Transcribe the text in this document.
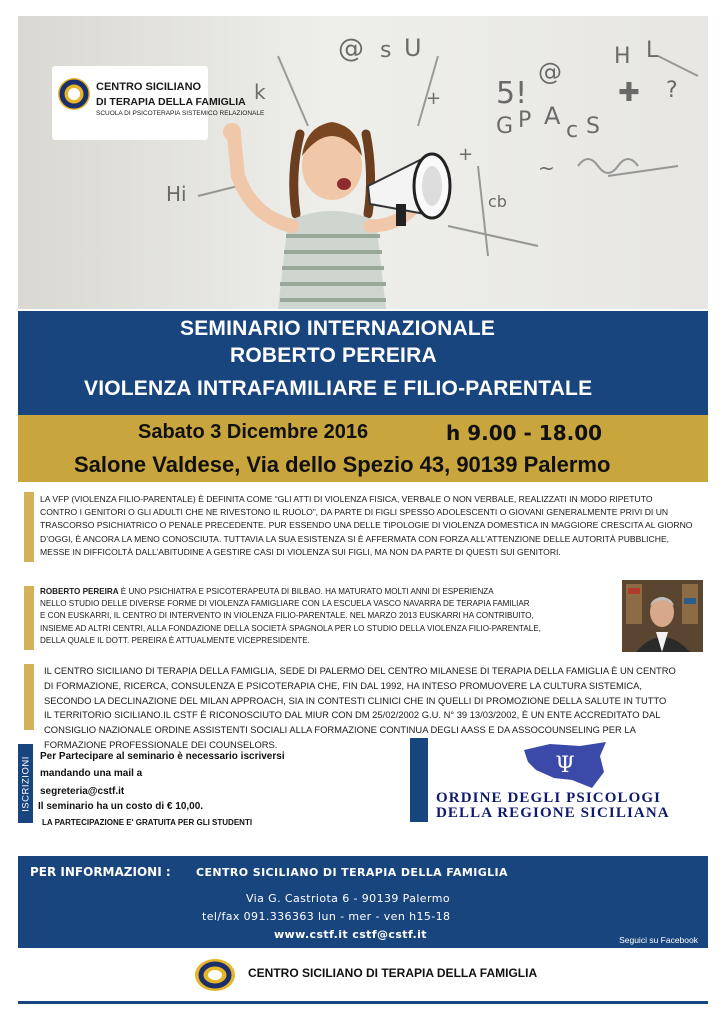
@ s U
5!
@
H L
✚ ?
G P A
c S
k
Hi
+
+
~
cb
CENTRO SICILIANO
DI TERAPIA DELLA FAMIGLIA
SCUOLA DI PSICOTERAPIA SISTEMICO RELAZIONALE
SEMINARIO INTERNAZIONALE
ROBERTO PEREIRA
VIOLENZA INTRAFAMILIARE E FILIO-PARENTALE
Sabato 3 Dicembre 2016	h 9.00 - 18.00
Salone Valdese, Via dello Spezio 43, 90139 Palermo
LA VFP (VIOLENZA FILIO-PARENTALE) È DEFINITA COME “GLI ATTI DI VIOLENZA FISICA, VERBALE O NON VERBALE, REALIZZATI IN MODO RIPETUTO
CONTRO I GENITORI O GLI ADULTI CHE NE RIVESTONO IL RUOLO”, DA PARTE DI FIGLI SPESSO ADOLESCENTI O GIOVANI GENERALMENTE PRIVI DI UN
TRASCORSO PSICHIATRICO O PENALE PRECEDENTE. PUR ESSENDO UNA DELLE TIPOLOGIE DI VIOLENZA DOMESTICA IN MAGGIORE CRESCITA AL GIORNO
D’OGGI, È ANCORA LA MENO CONOSCIUTA. TUTTAVIA LA SUA ESISTENZA SI È AFFERMATA CON FORZA ALL’ATTENZIONE DELLE AUTORITÀ PUBBLICHE,
MESSE IN DIFFICOLTÀ DALL’ABITUDINE A GESTIRE CASI DI VIOLENZA SUI FIGLI, MA NON DA PARTE DI QUESTI SUI GENITORI.
ROBERTO PEREIRA È UNO PSICHIATRA E PSICOTERAPEUTA DI BILBAO. HA MATURATO MOLTI ANNI DI ESPERIENZA
NELLO STUDIO DELLE DIVERSE FORME DI VIOLENZA FAMIGLIARE CON LA ESCUELA VASCO NAVARRA DE TERAPIA FAMILIAR
E CON EUSKARRI, IL CENTRO DI INTERVENTO IN VIOLENZA FILIO-PARENTALE. NEL MARZO 2013 EUSKARRI HA CONTRIBUITO,
INSIEME AD ALTRI CENTRI, ALLA FONDAZIONE DELLA SOCIETÀ SPAGNOLA PER LO STUDIO DELLA VIOLENZA FILIO-PARENTALE,
DELLA QUALE IL DOTT. PEREIRA È ATTUALMENTE VICEPRESIDENTE.
IL CENTRO SICILIANO DI TERAPIA DELLA FAMIGLIA, SEDE DI PALERMO DEL CENTRO MILANESE DI TERAPIA DELLA FAMIGLIA È UN CENTRO
DI FORMAZIONE, RICERCA, CONSULENZA E PSICOTERAPIA CHE, FIN DAL 1992, HA INTESO PROMUOVERE LA CULTURA SISTEMICA,
SECONDO LA DECLINAZIONE DEL MILAN APPROACH, SIA IN CONTESTI CLINICI CHE IN QUELLI DI PROMOZIONE DELLA SALUTE IN TUTTO
IL TERRITORIO SICILIANO.IL CSTF È RICONOSCIUTO DAL MIUR CON DM 25/02/2002 G.U. N° 39 13/03/2002, È UN ENTE ACCREDITATO DAL
CONSIGLIO NAZIONALE ORDINE ASSISTENTI SOCIALI ALLA FORMAZIONE CONTINUA DEGLI AASS E DA ASSOCOUNSELING PER LA
FORMAZIONE PROFESSIONALE DEI COUNSELORS.
ISCRIZIONI Per Partecipare al seminario è necessario iscriversi
mandando una mail a
segreteria@cstf.it
Il seminario ha un costo di € 10,00.
LA PARTECIPAZIONE E' GRATUITA PER GLI STUDENTI
Ψ
ORDINE DEGLI PSICOLOGI
DELLA REGIONE SICILIANA
PER INFORMAZIONI : CENTRO SICILIANO DI TERAPIA DELLA FAMIGLIA
Via G. Castriota 6 - 90139 Palermo
tel/fax 091.336363 lun - mer - ven h15-18
www.cstf.it cstf@cstf.it	Seguici su Facebook
CENTRO SICILIANO DI TERAPIA DELLA FAMIGLIA
